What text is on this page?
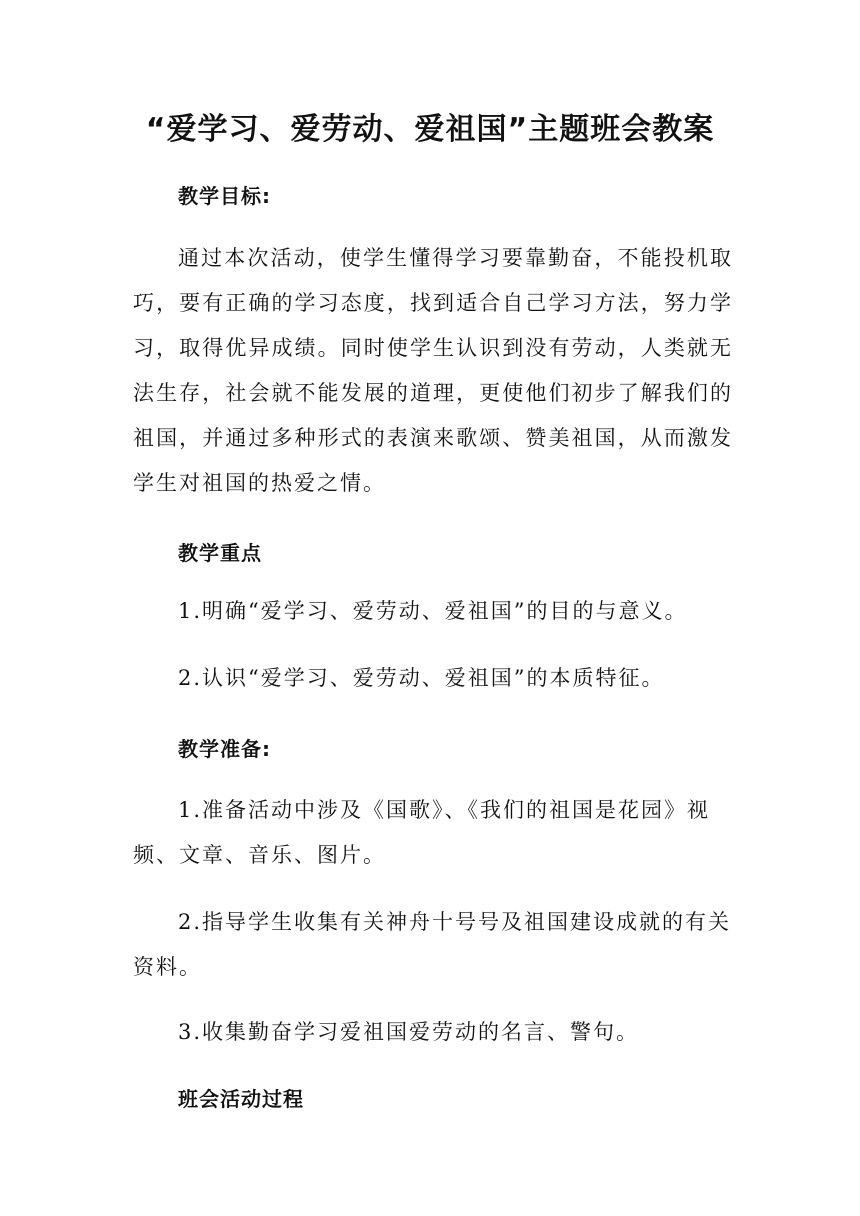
“爱学习、爱劳动、爱祖国”主题班会教案
教学目标:

通过本次活动，使学生懂得学习要靠勤奋，不能投机取巧，要有正确的学习态度，找到适合自己学习方法，努力学习，取得优异成绩。同时使学生认识到没有劳动，人类就无法生存，社会就不能发展的道理，更使他们初步了解我们的祖国，并通过多种形式的表演来歌颂、赞美祖国，从而激发学生对祖国的热爱之情。

教学重点

1.明确“爱学习、爱劳动、爱祖国”的目的与意义。

2.认识“爱学习、爱劳动、爱祖国”的本质特征。

教学准备:

1.准备活动中涉及《国歌》、《我们的祖国是花园》视频、文章、音乐、图片。

2.指导学生收集有关神舟十号号及祖国建设成就的有关资料。

3.收集勤奋学习爱祖国爱劳动的名言、警句。

班会活动过程
